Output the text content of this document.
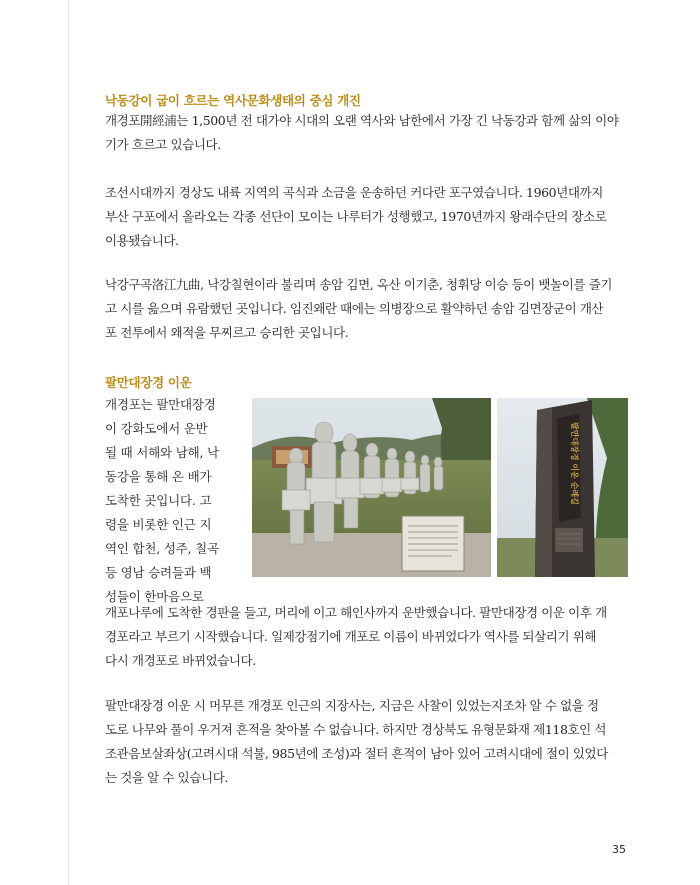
낙동강이 굽이 흐르는 역사문화생태의 중심 개진
개경포開經浦는 1,500년 전 대가야 시대의 오랜 역사와 남한에서 가장 긴 낙동강과 함께 삶의 이야
기가 흐르고 있습니다.
조선시대까지 경상도 내륙 지역의 곡식과 소금을 운송하던 커다란 포구였습니다. 1960년대까지
부산 구포에서 올라오는 각종 선단이 모이는 나루터가 성행했고, 1970년까지 왕래수단의 장소로
이용됐습니다.
낙강구곡洛江九曲, 낙강칠현이라 불리며 송암 김면, 옥산 이기춘, 청휘당 이승 등이 뱃놀이를 즐기
고 시를 읊으며 유람했던 곳입니다. 임진왜란 때에는 의병장으로 활약하던 송암 김면장군이 개산
포 전투에서 왜적을 무찌르고 승리한 곳입니다.
팔만대장경 이운
개경포는 팔만대장경
이 강화도에서 운반
될 때 서해와 남해, 낙
동강을 통해 온 배가
도착한 곳입니다. 고
령을 비롯한 인근 지
역인 합천, 성주, 칠곡
등 영남 승려들과 백
성들이 한마음으로
팔만대장경 이운 순례길
개포나루에 도착한 경판을 들고, 머리에 이고 해인사까지 운반했습니다. 팔만대장경 이운 이후 개
경포라고 부르기 시작했습니다. 일제강점기에 개포로 이름이 바뀌었다가 역사를 되살리기 위해
다시 개경포로 바뀌었습니다.
팔만대장경 이운 시 머무른 개경포 인근의 지장사는, 지금은 사찰이 있었는지조차 알 수 없을 정
도로 나무와 풀이 우거져 흔적을 찾아볼 수 없습니다. 하지만 경상북도 유형문화재 제118호인 석
조관음보살좌상(고려시대 석불, 985년에 조성)과 절터 흔적이 남아 있어 고려시대에 절이 있었다
는 것을 알 수 있습니다.
35
